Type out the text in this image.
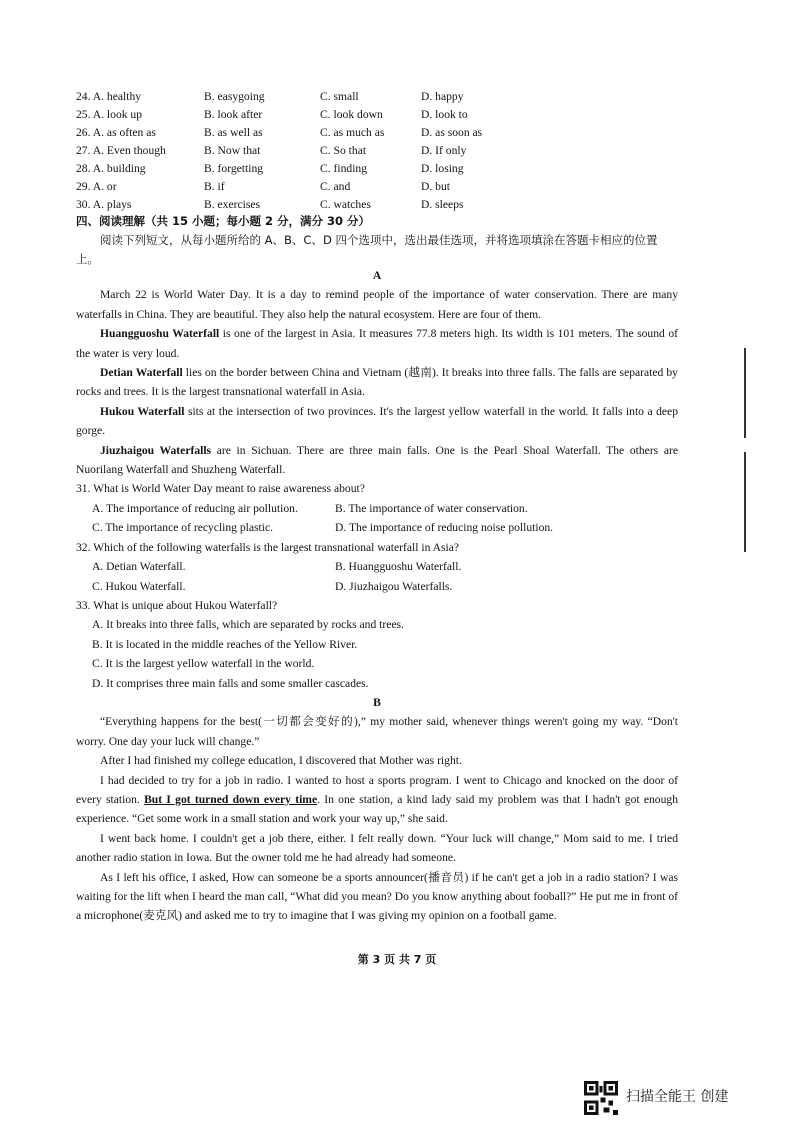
24. A. healthy	B. easygoing	C. small	D. happy
25. A. look up	B. look after	C. look down	D. look to
26. A. as often as	B. as well as	C. as much as	D. as soon as
27. A. Even though	B. Now that	C. So that	D. If only
28. A. building	B. forgetting	C. finding	D. losing
29. A. or	B. if	C. and	D. but
30. A. plays	B. exercises	C. watches	D. sleeps
四、阅读理解（共 15 小题；每小题 2 分，满分 30 分）
阅读下列短文，从每小题所给的 A、B、C、D 四个选项中，选出最佳选项，并将选项填涂在答题卡相应的位置上。
A

March 22 is World Water Day. It is a day to remind people of the importance of water conservation. There are many waterfalls in China. They are beautiful. They also help the natural ecosystem. Here are four of them.

Huangguoshu Waterfall is one of the largest in Asia. It measures 77.8 meters high. Its width is 101 meters. The sound of the water is very loud.

Detian Waterfall lies on the border between China and Vietnam (越南). It breaks into three falls. The falls are separated by rocks and trees. It is the largest transnational waterfall in Asia.

Hukou Waterfall sits at the intersection of two provinces. It's the largest yellow waterfall in the world. It falls into a deep gorge.

Jiuzhaigou Waterfalls are in Sichuan. There are three main falls. One is the Pearl Shoal Waterfall. The others are Nuorilang Waterfall and Shuzheng Waterfall.

31. What is World Water Day meant to raise awareness about?

A. The importance of reducing air pollution.	B. The importance of water conservation.
C. The importance of recycling plastic.	D. The importance of reducing noise pollution.

32. Which of the following waterfalls is the largest transnational waterfall in Asia?

A. Detian Waterfall.	B. Huangguoshu Waterfall.
C. Hukou Waterfall.	D. Jiuzhaigou Waterfalls.

33. What is unique about Hukou Waterfall?

A. It breaks into three falls, which are separated by rocks and trees.

B. It is located in the middle reaches of the Yellow River.

C. It is the largest yellow waterfall in the world.

D. It comprises three main falls and some smaller cascades.

B

“Everything happens for the best(一切都会变好的),” my mother said, whenever things weren't going my way. “Don't worry. One day your luck will change.”

After I had finished my college education, I discovered that Mother was right.

I had decided to try for a job in radio. I wanted to host a sports program. I went to Chicago and knocked on the door of every station. But I got turned down every time. In one station, a kind lady said my problem was that I hadn't got enough experience. “Get some work in a small station and work your way up,” she said.

I went back home. I couldn't get a job there, either. I felt really down. “Your luck will change,” Mom said to me. I tried another radio station in Iowa. But the owner told me he had already had someone.

As I left his office, I asked, How can someone be a sports announcer(播音员) if he can't get a job in a radio station? I was waiting for the lift when I heard the man call, “What did you mean? Do you know anything about fooball?” He put me in front of a microphone(麦克风) and asked me to try to imagine that I was giving my opinion on a football game.

第 3 页 共 7 页
扫描全能王 创建
